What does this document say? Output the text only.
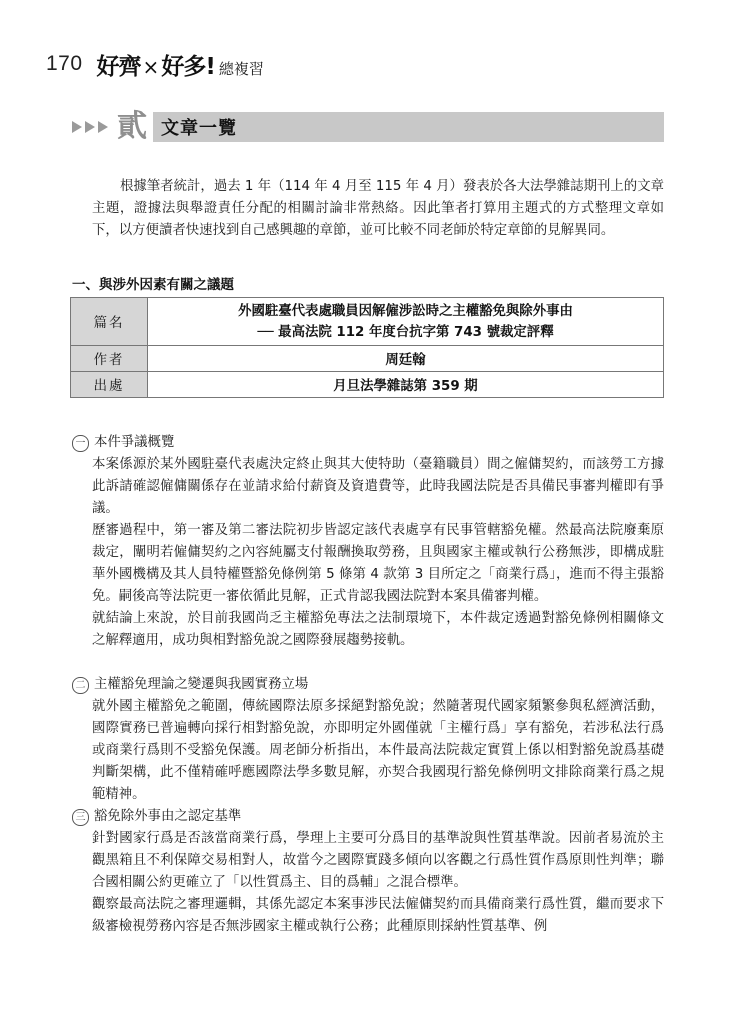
170 好齊 × 好多! 總複習
貳 文章一覽

根據筆者統計，過去 1 年（114 年 4 月至 115 年 4 月）發表於各大法學雜誌期刊上的文章主題，證據法與舉證責任分配的相關討論非常熱絡。因此筆者打算用主題式的方式整理文章如下，以方便讀者快速找到自己感興趣的章節，並可比較不同老師於特定章節的見解異同。

一、與涉外因素有關之議題
篇名	外國駐臺代表處職員因解僱涉訟時之主權豁免與除外事由
── 最高法院 112 年度台抗字第 743 號裁定評釋

作者	周廷翰
出處	月旦法學雜誌第 359 期
一 本件爭議概覽

本案係源於某外國駐臺代表處決定終止與其大使特助（臺籍職員）間之僱傭契約，而該勞工方據此訴請確認僱傭關係存在並請求給付薪資及資遣費等，此時我國法院是否具備民事審判權即有爭議。

歷審過程中，第一審及第二審法院初步皆認定該代表處享有民事管轄豁免權。然最高法院廢棄原裁定，闡明若僱傭契約之內容純屬支付報酬換取勞務，且與國家主權或執行公務無涉，即構成駐華外國機構及其人員特權暨豁免條例第 5 條第 4 款第 3 目所定之「商業行爲」，進而不得主張豁免。嗣後高等法院更一審依循此見解，正式肯認我國法院對本案具備審判權。

就結論上來說，於目前我國尚乏主權豁免專法之法制環境下，本件裁定透過對豁免條例相關條文之解釋適用，成功與相對豁免說之國際發展趨勢接軌。

二 主權豁免理論之變遷與我國實務立場

就外國主權豁免之範圍，傳統國際法原多採絕對豁免說；然隨著現代國家頻繁參與私經濟活動，國際實務已普遍轉向採行相對豁免說，亦即明定外國僅就「主權行爲」享有豁免，若涉私法行爲或商業行爲則不受豁免保護。周老師分析指出，本件最高法院裁定實質上係以相對豁免說爲基礎判斷架構，此不僅精確呼應國際法學多數見解，亦契合我國現行豁免條例明文排除商業行爲之規範精神。

三 豁免除外事由之認定基準

針對國家行爲是否該當商業行爲，學理上主要可分爲目的基準說與性質基準說。因前者易流於主觀黑箱且不利保障交易相對人，故當今之國際實踐多傾向以客觀之行爲性質作爲原則性判準；聯合國相關公約更確立了「以性質爲主、目的爲輔」之混合標準。

觀察最高法院之審理邏輯，其係先認定本案事涉民法僱傭契約而具備商業行爲性質，繼而要求下級審檢視勞務內容是否無涉國家主權或執行公務；此種原則採納性質基準、例
